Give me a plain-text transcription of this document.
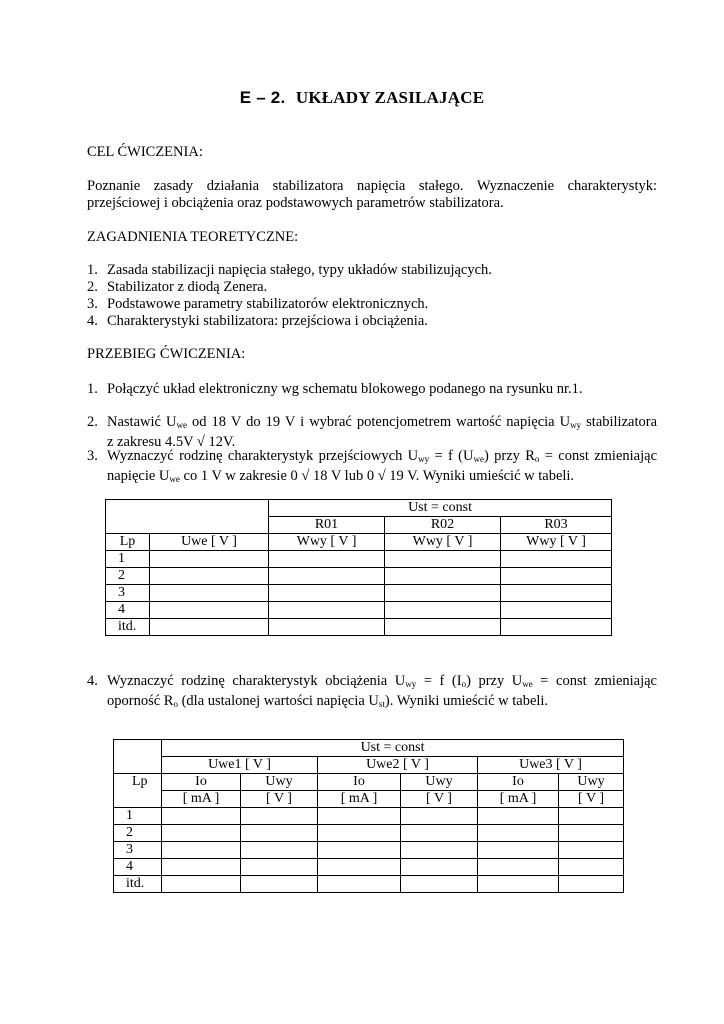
E – 2. UKŁADY ZASILAJĄCE
CEL ĆWICZENIA:
Poznanie zasady działania stabilizatora napięcia stałego. Wyznaczenie charakterystyk:
przejściowej i obciążenia oraz podstawowych parametrów stabilizatora.
ZAGADNIENIA TEORETYCZNE:
1. Zasada stabilizacji napięcia stałego, typy układów stabilizujących.
2. Stabilizator z diodą Zenera.
3. Podstawowe parametry stabilizatorów elektronicznych.
4. Charakterystyki stabilizatora: przejściowa i obciążenia.
PRZEBIEG ĆWICZENIA:
1. Połączyć układ elektroniczny wg schematu blokowego podanego na rysunku nr.1.
2. Nastawić $U_{we}$ od 18 V do 19 V i wybrać potencjometrem wartość napięcia $U_{wy}$ stabilizatora
z zakresu 4.5V √ 12V.
3. Wyznaczyć rodzinę charakterystyk przejściowych $U_{wy} = f$ $(U_{we})$ przy $R_o$ = const zmieniając
napięcie $U_{we}$ co 1 V w zakresie 0 √ 18 V lub 0 √ 19 V. Wyniki umieścić w tabeli.
		Ust = const		
		R01	R02	R03
Lp	Uwe [ V ]	Wwy [ V ]	Wwy [ V ]	Wwy [ V ]
1				
2				
3				
4				
itd.				
4. Wyznaczyć rodzinę charakterystyk obciążenia $U_{wy} = f$ $(I_o)$ przy $U_{we}$ = const zmieniając
oporność $R_o$ (dla ustalonej wartości napięcia $U_{st}$). Wyniki umieścić w tabeli.
	Ust = const					
	Uwe1 [ V ]		Uwe2 [ V ]		Uwe3 [ V ]	
Lp	Io	Uwy	Io	Uwy	Io	Uwy
	[ mA ]	[ V ]	[ mA ]	[ V ]	[ mA ]	[ V ]
1						
2						
3						
4						
itd.						
